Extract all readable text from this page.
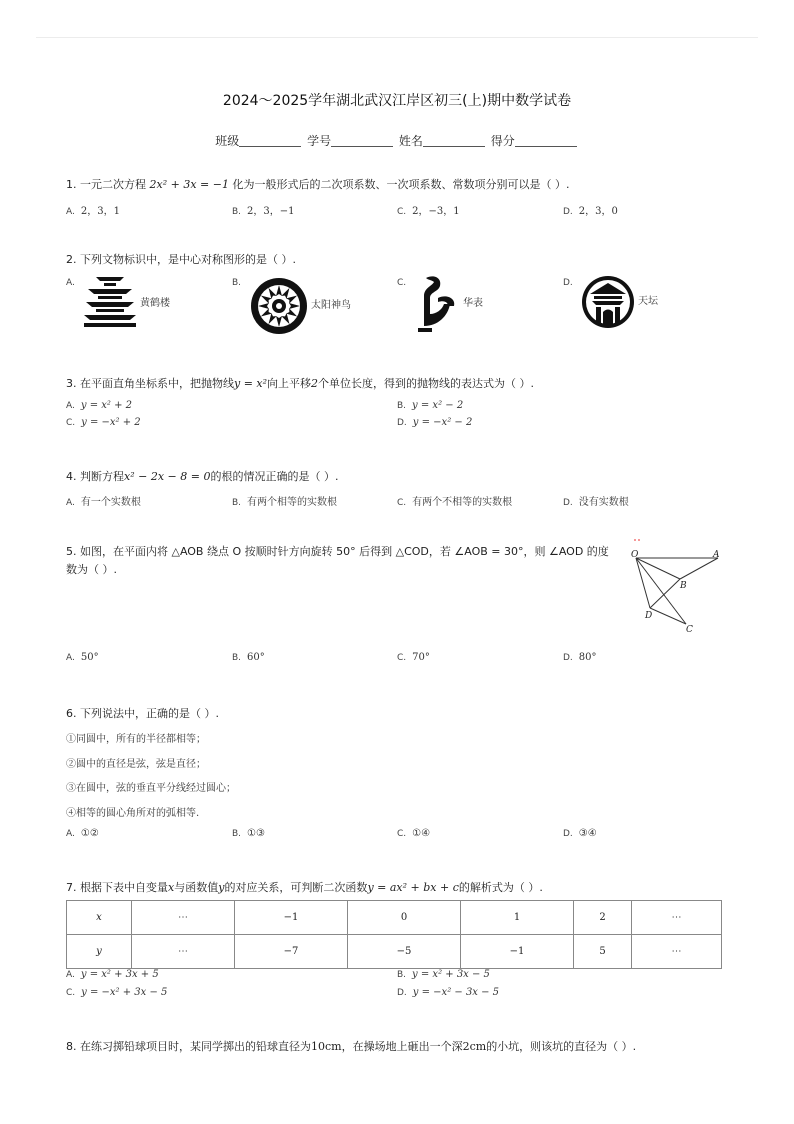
2024～2025学年湖北武汉江岸区初三(上)期中数学试卷
班级	学号	姓名	得分
1. 一元二次方程 2x² + 3x = −1 化为一般形式后的二次项系数、一次项系数、常数项分别可以是（ ）.
A. 2，3，1	B. 2，3，−1	C. 2，−3，1	D. 2，3，0
2. 下列文物标识中，是中心对称图形的是（ ）.
A.
黄鹤楼
B.
太阳神鸟
C.
华表
D.
天坛
3. 在平面直角坐标系中，把抛物线y = x²向上平移2个单位长度，得到的抛物线的表达式为（ ）.
A. y = x² + 2	B. y = x² − 2
C. y = −x² + 2	D. y = −x² − 2
4. 判断方程x² − 2x − 8 = 0的根的情况正确的是（ ）.
A. 有一个实数根	B. 有两个相等的实数根	C. 有两个不相等的实数根	D. 没有实数根
5. 如图，在平面内将 △AOB 绕点 O 按顺时针方向旋转 50° 后得到 △COD，若 ∠AOB = 30°，则 ∠AOD 的度
数为（ ）.
O	A
B
D
C
A. 50°	B. 60°	C. 70°	D. 80°
6. 下列说法中，正确的是（ ）.
①同圆中，所有的半径都相等；
②圆中的直径是弦，弦是直径；
③在圆中，弦的垂直平分线经过圆心；
④相等的圆心角所对的弧相等.
A. ①②	B. ①③	C. ①④	D. ③④
7. 根据下表中自变量x与函数值y的对应关系，可判断二次函数y = ax² + bx + c的解析式为（ ）.
x	⋯	−1	0	1	2	⋯
y	⋯	−7	−5	−1	5	⋯
A. y = x² + 3x + 5	B. y = x² + 3x − 5
C. y = −x² + 3x − 5	D. y = −x² − 3x − 5
8. 在练习掷铅球项目时，某同学掷出的铅球直径为10cm，在操场地上砸出一个深2cm的小坑，则该坑的直径为（ ）.
